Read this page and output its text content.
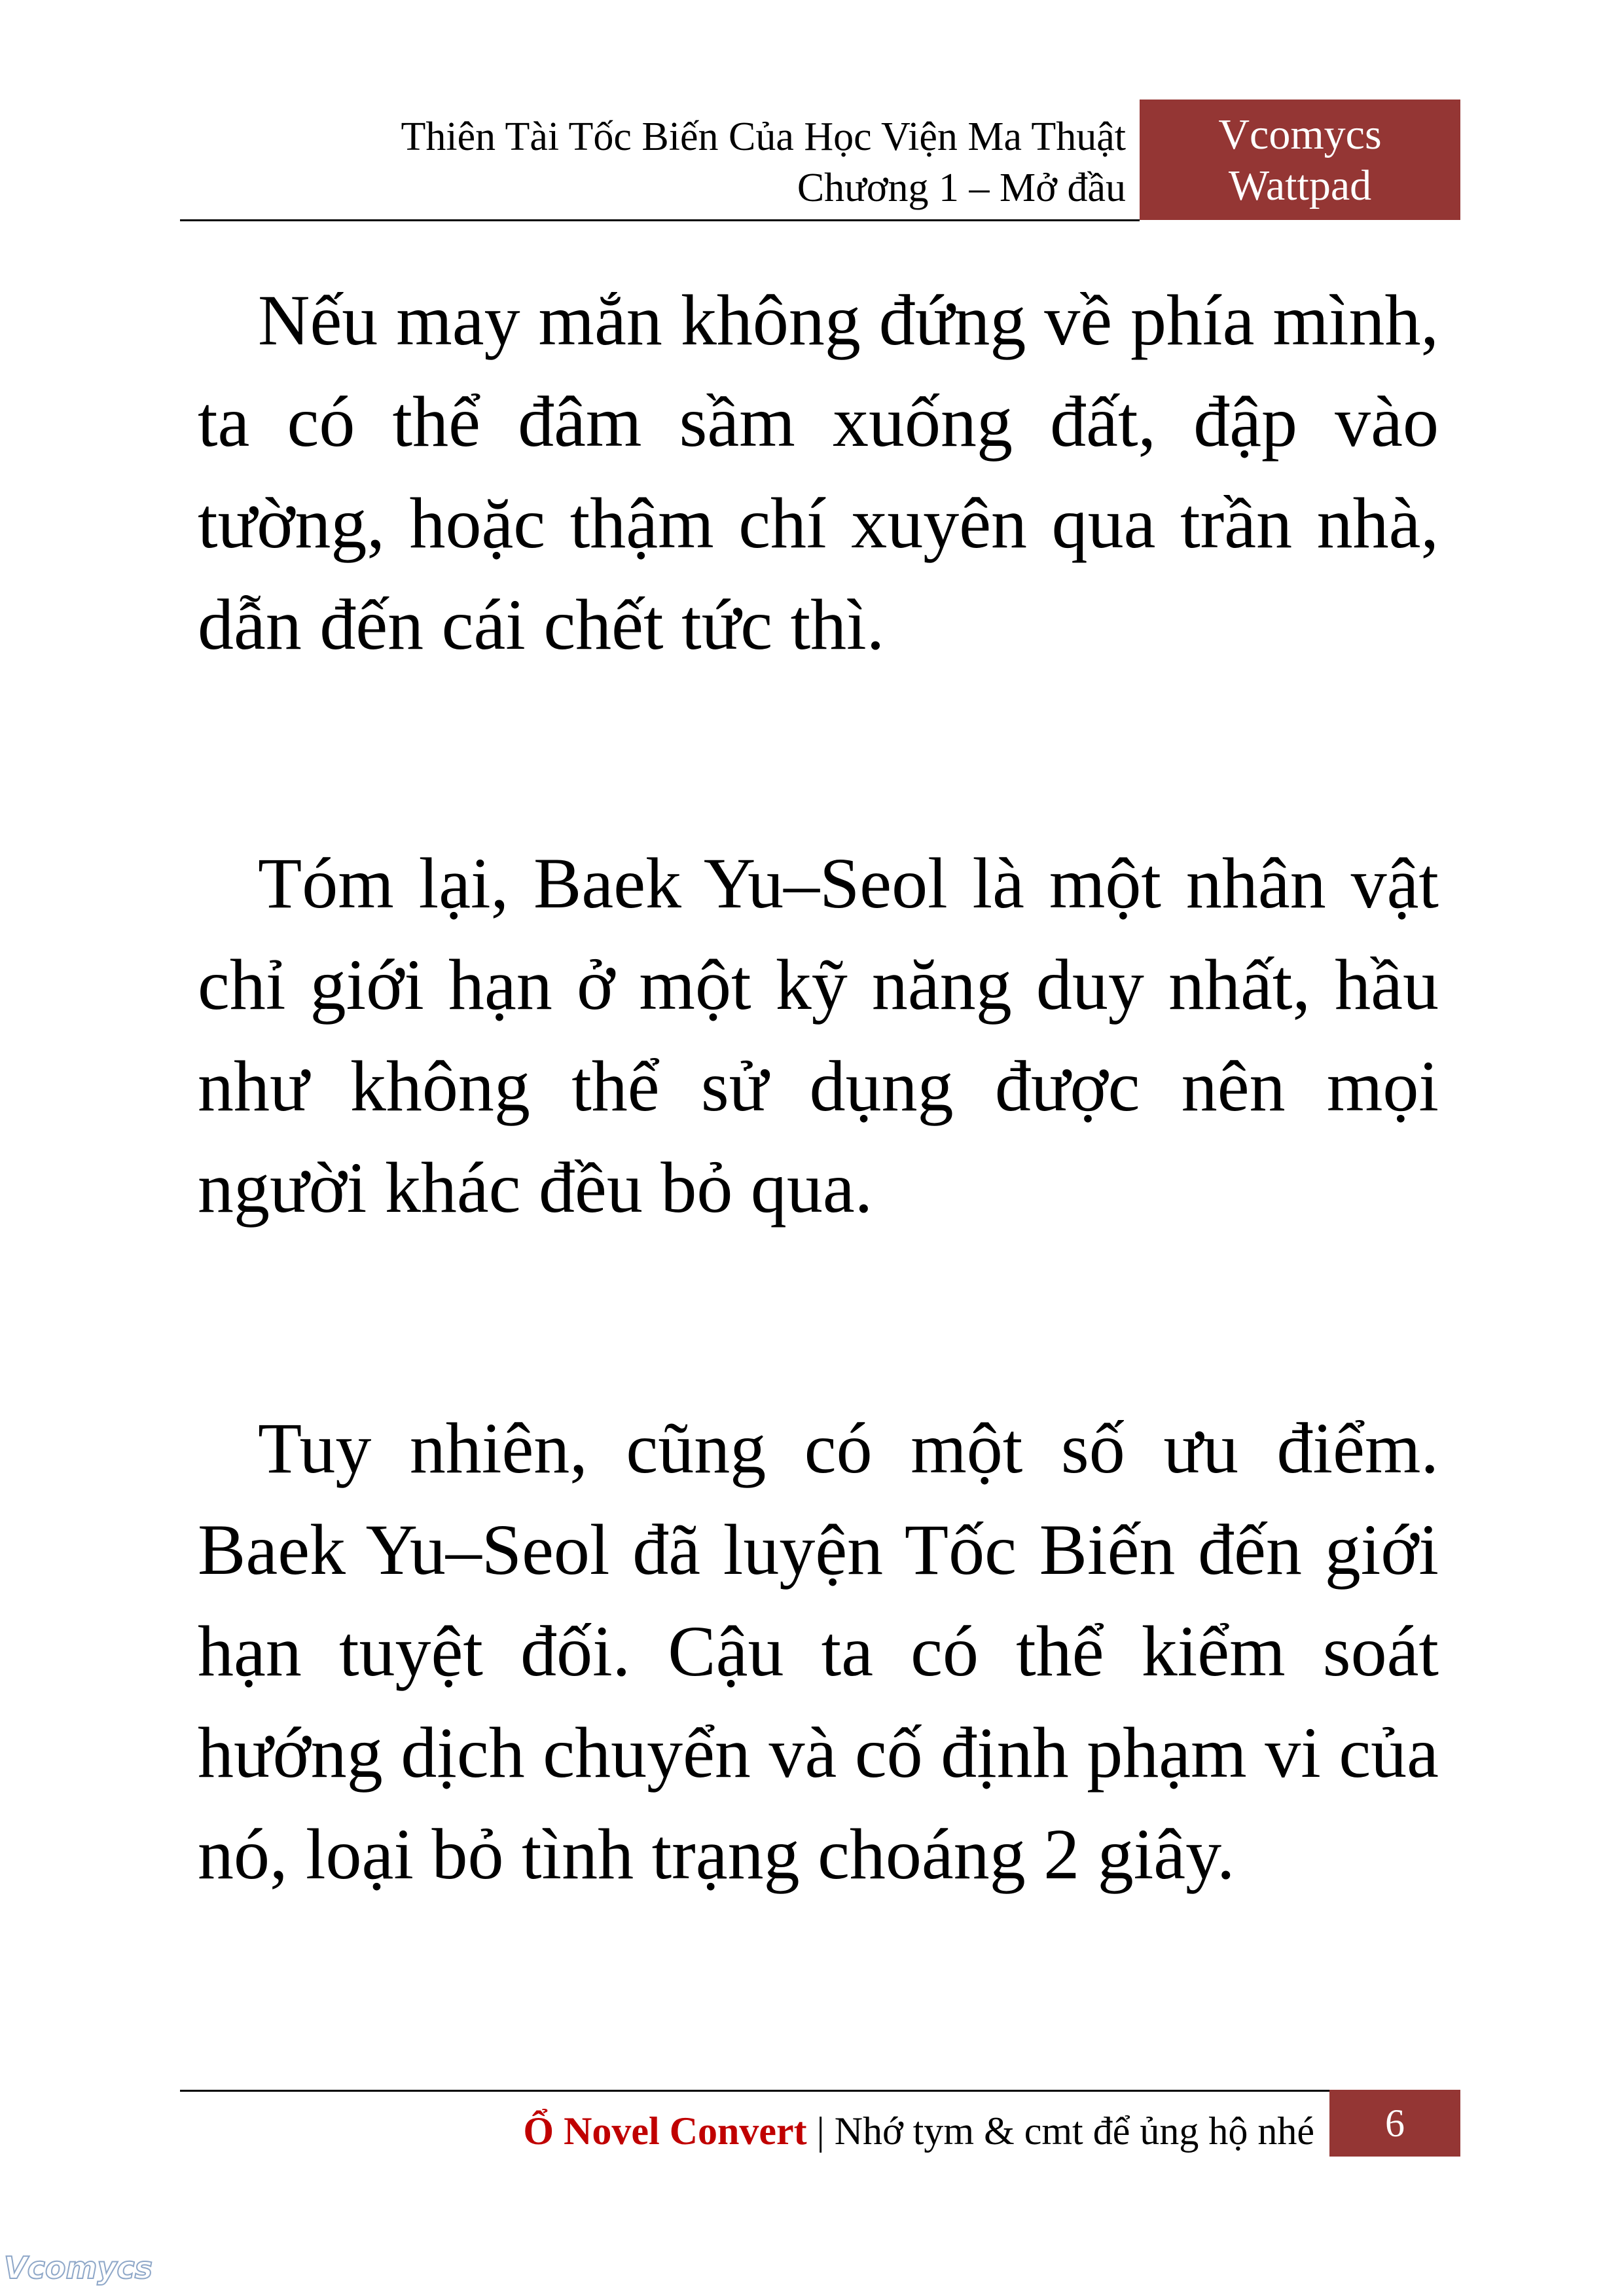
Thiên Tài Tốc Biến Của Học Viện Ma Thuật
Chương 1 – Mở đầu
Vcomycs
Wattpad

Nếu may mắn không đứng về phía mình, ta có thể đâm sầm xuống đất, đập vào tường, hoặc thậm chí xuyên qua trần nhà, dẫn đến cái chết tức thì.

Tóm lại, Baek Yu–Seol là một nhân vật chỉ giới hạn ở một kỹ năng duy nhất, hầu như không thể sử dụng được nên mọi người khác đều bỏ qua.

Tuy nhiên, cũng có một số ưu điểm. Baek Yu–Seol đã luyện Tốc Biến đến giới hạn tuyệt đối. Cậu ta có thể kiểm soát hướng dịch chuyển và cố định phạm vi của nó, loại bỏ tình trạng choáng 2 giây.

Ổ Novel Convert | Nhớ tym & cmt để ủng hộ nhé	6
Vcomycs
